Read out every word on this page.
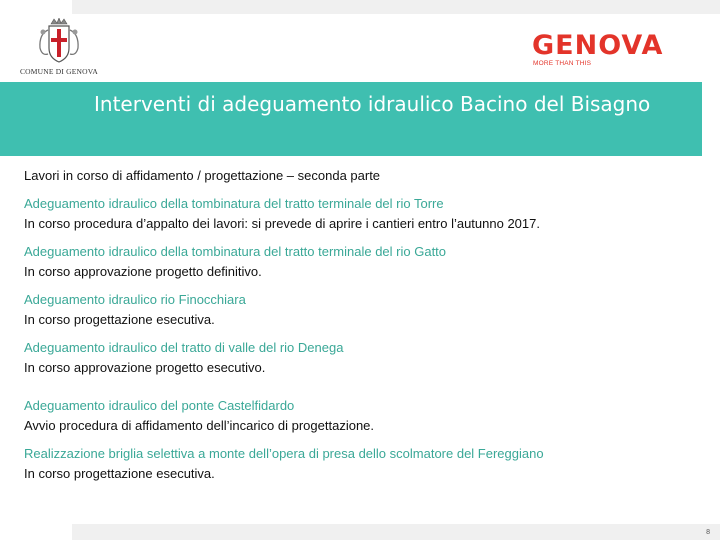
COMUNE DI GENOVA
GENOVA
MORE THAN THIS
Interventi di adeguamento idraulico Bacino del Bisagno
Lavori in corso di affidamento / progettazione – seconda parte
Adeguamento idraulico della tombinatura del tratto terminale del rio Torre
In corso procedura d’appalto dei lavori: si prevede di aprire i cantieri entro l’autunno 2017.
Adeguamento idraulico della tombinatura del tratto terminale del rio Gatto
In corso approvazione progetto definitivo.
Adeguamento idraulico rio Finocchiara
In corso progettazione esecutiva.
Adeguamento idraulico del tratto di valle del rio Denega
In corso approvazione progetto esecutivo.
Adeguamento idraulico del ponte Castelfidardo
Avvio procedura di affidamento dell’incarico di progettazione.
Realizzazione briglia selettiva a monte dell’opera di presa dello scolmatore del Fereggiano
In corso progettazione esecutiva.
8
